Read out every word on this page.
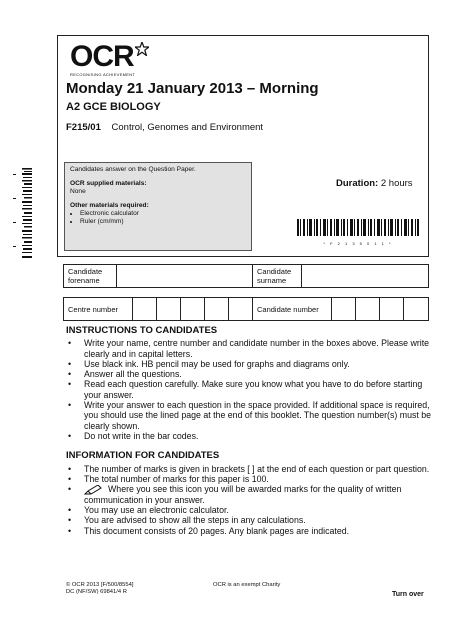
OCR
RECOGNISING ACHIEVEMENT
Monday 21 January 2013 – Morning
A2 GCE BIOLOGY
F215/01 Control, Genomes and Environment

Candidates answer on the Question Paper.

OCR supplied materials:

None

Other materials required:

• Electronic calculator
• Ruler (cm/mm)
Duration: 2 hours
* F 2 1 3 5 0 1 1 *
Candidate forename		Candidate surname	
Centre number						Candidate number				
INSTRUCTIONS TO CANDIDATES
• Write your name, centre number and candidate number in the boxes above. Please write clearly and in capital letters.
• Use black ink. HB pencil may be used for graphs and diagrams only.
• Answer all the questions.
• Read each question carefully. Make sure you know what you have to do before starting your answer.
• Write your answer to each question in the space provided. If additional space is required, you should use the lined page at the end of this booklet. The question number(s) must be clearly shown.
• Do not write in the bar codes.
INFORMATION FOR CANDIDATES
• The number of marks is given in brackets [ ] at the end of each question or part question.
• The total number of marks for this paper is 100.
• Where you see this icon you will be awarded marks for the quality of written communication in your answer.
• You may use an electronic calculator.
• You are advised to show all the steps in any calculations.
• This document consists of 20 pages. Any blank pages are indicated.
© OCR 2013 [F/500/8554]
DC (NF/SW) 69841/4 R
OCR is an exempt Charity
Turn over
